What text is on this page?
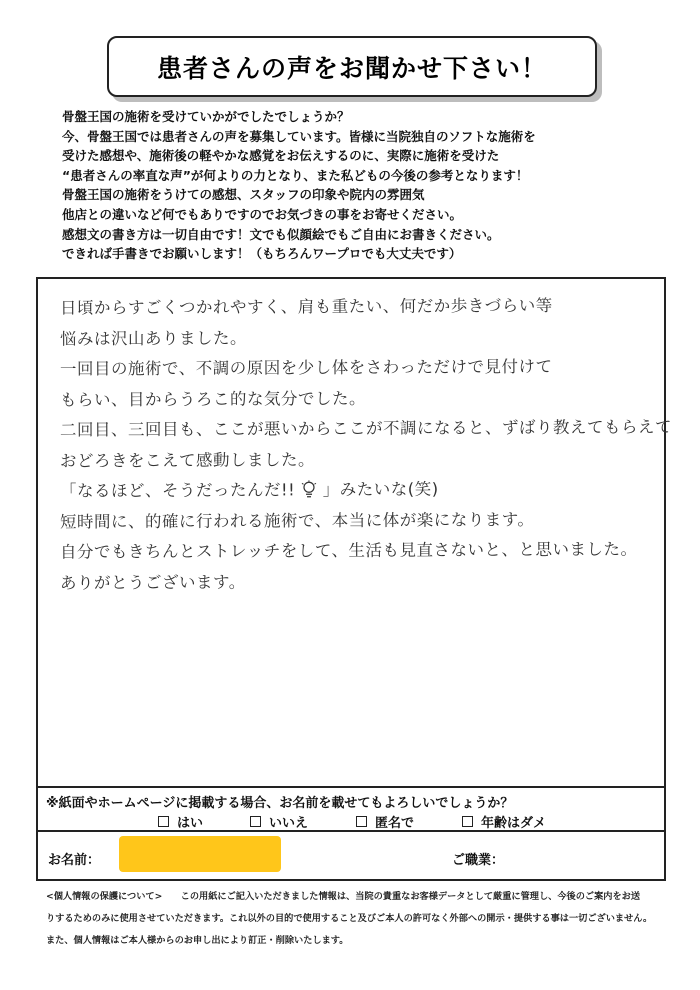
患者さんの声をお聞かせ下さい！
骨盤王国の施術を受けていかがでしたでしょうか？
今、骨盤王国では患者さんの声を募集しています。皆様に当院独自のソフトな施術を
受けた感想や、施術後の軽やかな感覚をお伝えするのに、実際に施術を受けた
“患者さんの率直な声”が何よりの力となり、また私どもの今後の参考となります！
骨盤王国の施術をうけての感想、スタッフの印象や院内の雰囲気
他店との違いなど何でもありですのでお気づきの事をお寄せください。
感想文の書き方は一切自由です！文でも似顔絵でもご自由にお書きください。
できれば手書きでお願いします！（もちろんワープロでも大丈夫です）
日頃からすごくつかれやすく、肩も重たい、何だか歩きづらい等
悩みは沢山ありました。
一回目の施術で、不調の原因を少し体をさわっただけで見付けて
もらい、目からうろこ的な気分でした。
二回目、三回目も、ここが悪いからここが不調になると、ずばり教えてもらえて
おどろきをこえて感動しました。
「なるほど、そうだったんだ!! 」みたいな(笑)
短時間に、的確に行われる施術で、本当に体が楽になります。
自分でもきちんとストレッチをして、生活も見直さないと、と思いました。
ありがとうございます。
※紙面やホームページに掲載する場合、お名前を載せてもよろしいでしょうか？
はい	いいえ	匿名で	年齢はダメ
お名前：	ご職業：
<個人情報の保護について>　　この用紙にご記入いただきました情報は、当院の貴重なお客様データとして厳重に管理し、今後のご案内をお送
りするためのみに使用させていただきます。これ以外の目的で使用すること及びご本人の許可なく外部への開示・提供する事は一切ございません。
また、個人情報はご本人様からのお申し出により訂正・削除いたします。
